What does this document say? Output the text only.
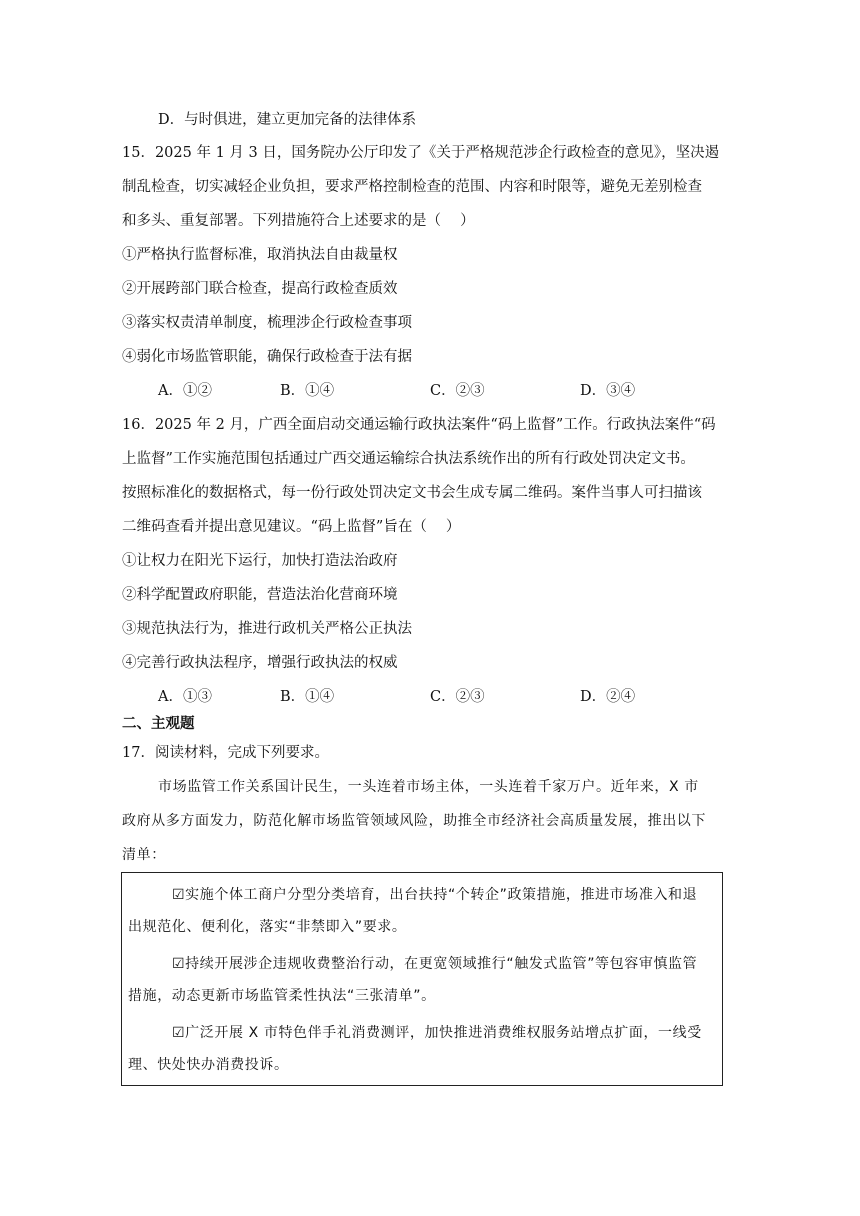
D．与时俱进，建立更加完备的法律体系
15．2025 年 1 月 3 日，国务院办公厅印发了《关于严格规范涉企行政检查的意见》，坚决遏
制乱检查，切实减轻企业负担，要求严格控制检查的范围、内容和时限等，避免无差别检查
和多头、重复部署。下列措施符合上述要求的是（　 ）
①严格执行监督标准，取消执法自由裁量权
②开展跨部门联合检查，提高行政检查质效
③落实权责清单制度，梳理涉企行政检查事项
④弱化市场监管职能，确保行政检查于法有据
A．①②	B．①④	C．②③	D．③④
16．2025 年 2 月，广西全面启动交通运输行政执法案件“码上监督”工作。行政执法案件“码
上监督”工作实施范围包括通过广西交通运输综合执法系统作出的所有行政处罚决定文书。
按照标准化的数据格式，每一份行政处罚决定文书会生成专属二维码。案件当事人可扫描该
二维码查看并提出意见建议。“码上监督”旨在（　 ）
①让权力在阳光下运行，加快打造法治政府
②科学配置政府职能，营造法治化营商环境
③规范执法行为，推进行政机关严格公正执法
④完善行政执法程序，增强行政执法的权威
A．①③	B．①④	C．②③	D．②④
二、主观题
17．阅读材料，完成下列要求。
市场监管工作关系国计民生，一头连着市场主体，一头连着千家万户。近年来，X 市
政府从多方面发力，防范化解市场监管领域风险，助推全市经济社会高质量发展，推出以下
清单：
☑实施个体工商户分型分类培育，出台扶持“个转企”政策措施，推进市场准入和退
出规范化、便利化，落实“非禁即入”要求。
☑持续开展涉企违规收费整治行动，在更宽领域推行“触发式监管”等包容审慎监管
措施，动态更新市场监管柔性执法“三张清单”。
☑广泛开展 X 市特色伴手礼消费测评，加快推进消费维权服务站增点扩面，一线受
理、快处快办消费投诉。
